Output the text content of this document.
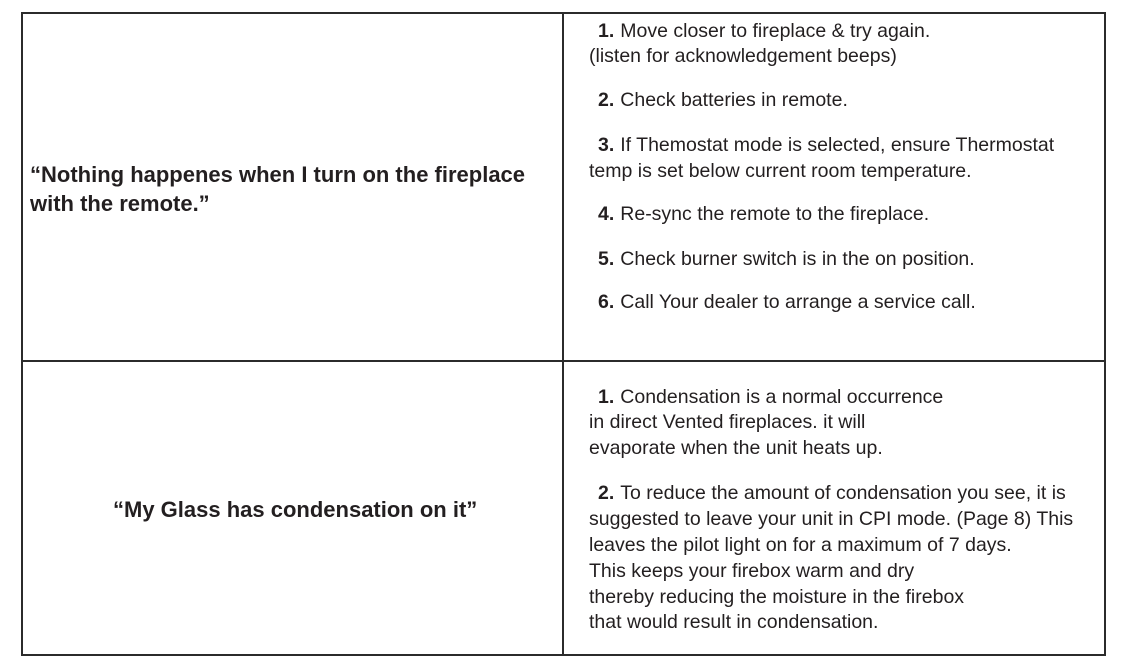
“Nothing happenes when I turn on the fireplace
with the remote.”
1. Move closer to fireplace & try again.
(listen for acknowledgement beeps)
2. Check batteries in remote.
3. If Themostat mode is selected, ensure Thermostat
temp is set below current room temperature.
4. Re-sync the remote to the fireplace.
5. Check burner switch is in the on position.
6. Call Your dealer to arrange a service call.
“My Glass has condensation on it”
1. Condensation is a normal occurrence
in direct Vented fireplaces. it will
evaporate when the unit heats up.
2. To reduce the amount of condensation you see, it is
suggested to leave your unit in CPI mode. (Page 8) This
leaves the pilot light on for a maximum of 7 days.
This keeps your firebox warm and dry
thereby reducing the moisture in the firebox
that would result in condensation.
